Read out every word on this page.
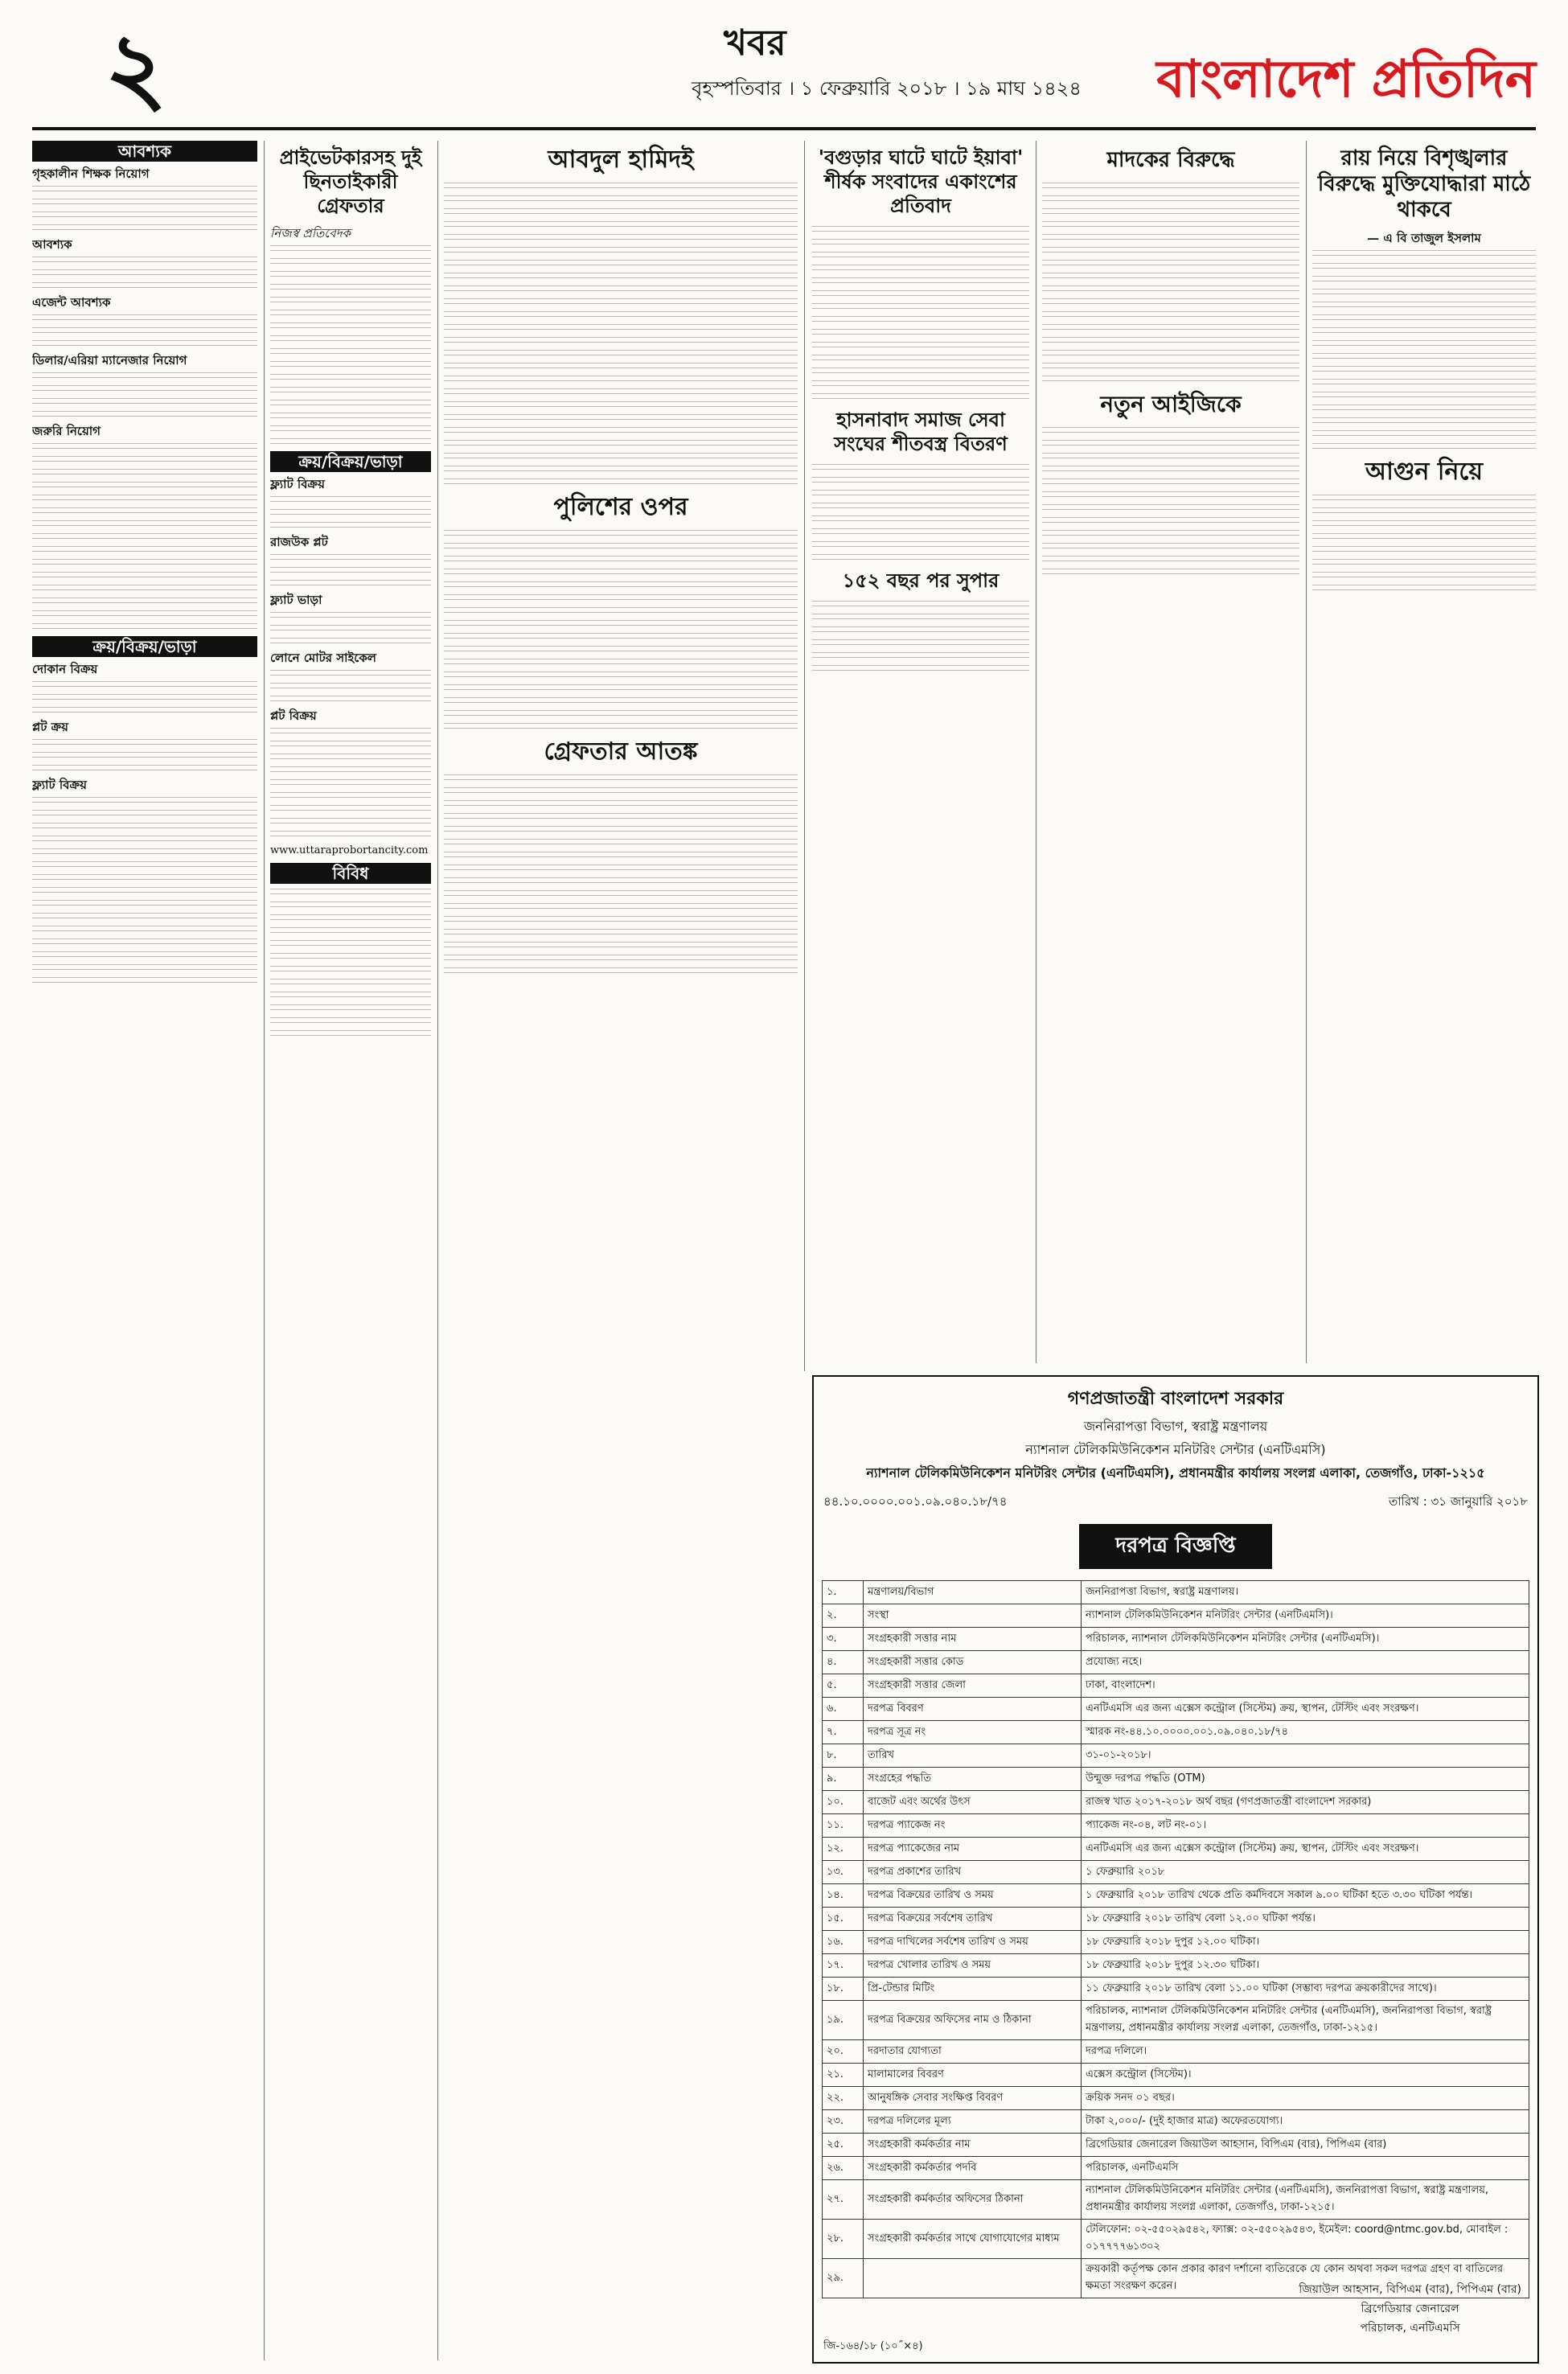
২	খবর
বৃহস্পতিবার । ১ ফেব্রুয়ারি ২০১৮ । ১৯ মাঘ ১৪২৪ বাংলাদেশ প্রতিদিন
আবশ্যক

গৃহকালীন শিক্ষক নিয়োগ

আবশ্যক

এজেন্ট আবশ্যক

ডিলার/এরিয়া ম্যানেজার নিয়োগ

জরুরি নিয়োগ

ক্রয়/বিক্রয়/ভাড়া

দোকান বিক্রয়

প্লট ক্রয়

ফ্ল্যাট বিক্রয়

প্রাইভেটকারসহ দুই ছিনতাইকারী গ্রেফতার
নিজস্ব প্রতিবেদক
ক্রয়/বিক্রয়/ভাড়া

ফ্ল্যাট বিক্রয়

রাজউক প্লট

ফ্ল্যাট ভাড়া

লোনে মোটর সাইকেল

প্লট বিক্রয়

www.uttaraprobortancity.com

বিবিধ
আবদুল হামিদই
পুলিশের ওপর
গ্রেফতার আতঙ্ক
'বগুড়ার ঘাটে ঘাটে ইয়াবা' শীর্ষক সংবাদের একাংশের প্রতিবাদ
হাসনাবাদ সমাজ সেবা সংঘের শীতবস্ত্র বিতরণ
১৫২ বছর পর সুপার
মাদকের বিরুদ্ধে
নতুন আইজিকে
রায় নিয়ে বিশৃঙ্খলার বিরুদ্ধে মুক্তিযোদ্ধারা মাঠে থাকবে
— এ বি তাজুল ইসলাম
আগুন নিয়ে
গণপ্রজাতন্ত্রী বাংলাদেশ সরকার
জননিরাপত্তা বিভাগ, স্বরাষ্ট্র মন্ত্রণালয়
ন্যাশনাল টেলিকমিউনিকেশন মনিটরিং সেন্টার (এনটিএমসি)
ন্যাশনাল টেলিকমিউনিকেশন মনিটরিং সেন্টার (এনটিএমসি), প্রধানমন্ত্রীর কার্যালয় সংলগ্ন এলাকা, তেজগাঁও, ঢাকা-১২১৫
৪৪.১০.০০০০.০০১.০৯.০৪০.১৮/৭৪	তারিখ : ৩১ জানুয়ারি ২০১৮
দরপত্র বিজ্ঞপ্তি
১.	মন্ত্রণালয়/বিভাগ	জননিরাপত্তা বিভাগ, স্বরাষ্ট্র মন্ত্রণালয়।
২.	সংস্থা	ন্যাশনাল টেলিকমিউনিকেশন মনিটরিং সেন্টার (এনটিএমসি)।
৩.	সংগ্রহকারী সত্তার নাম	পরিচালক, ন্যাশনাল টেলিকমিউনিকেশন মনিটরিং সেন্টার (এনটিএমসি)।
৪.	সংগ্রহকারী সত্তার কোড	প্রযোজ্য নহে।
৫.	সংগ্রহকারী সত্তার জেলা	ঢাকা, বাংলাদেশ।
৬.	দরপত্র বিবরণ	এনটিএমসি এর জন্য এক্সেস কন্ট্রোল (সিস্টেম) ক্রয়, স্থাপন, টেস্টিং এবং সংরক্ষণ।
৭.	দরপত্র সূত্র নং	স্মারক নং-৪৪.১০.০০০০.০০১.০৯.০৪০.১৮/৭৪
৮.	তারিখ	৩১-০১-২০১৮।
৯.	সংগ্রহের পদ্ধতি	উন্মুক্ত দরপত্র পদ্ধতি (OTM)
১০.	বাজেট এবং অর্থের উৎস	রাজস্ব খাত ২০১৭-২০১৮ অর্থ বছর (গণপ্রজাতন্ত্রী বাংলাদেশ সরকার)
১১.	দরপত্র প্যাকেজ নং	প্যাকেজ নং-০৪, লট নং-০১।
১২.	দরপত্র প্যাকেজের নাম	এনটিএমসি এর জন্য এক্সেস কন্ট্রোল (সিস্টেম) ক্রয়, স্থাপন, টেস্টিং এবং সংরক্ষণ।
১৩.	দরপত্র প্রকাশের তারিখ	১ ফেব্রুয়ারি ২০১৮
১৪.	দরপত্র বিক্রয়ের তারিখ ও সময়	১ ফেব্রুয়ারি ২০১৮ তারিখ থেকে প্রতি কর্মদিবসে সকাল ৯.০০ ঘটিকা হতে ৩.৩০ ঘটিকা পর্যন্ত।
১৫.	দরপত্র বিক্রয়ের সর্বশেষ তারিখ	১৮ ফেব্রুয়ারি ২০১৮ তারিখ বেলা ১২.০০ ঘটিকা পর্যন্ত।
১৬.	দরপত্র দাখিলের সর্বশেষ তারিখ ও সময়	১৮ ফেব্রুয়ারি ২০১৮ দুপুর ১২.০০ ঘটিকা।
১৭.	দরপত্র খোলার তারিখ ও সময়	১৮ ফেব্রুয়ারি ২০১৮ দুপুর ১২.৩০ ঘটিকা।
১৮.	প্রি-টেন্ডার মিটিং	১১ ফেব্রুয়ারি ২০১৮ তারিখ বেলা ১১.০০ ঘটিকা (সম্ভাব্য দরপত্র ক্রয়কারীদের সাথে)।
১৯.	দরপত্র বিক্রয়ের অফিসের নাম ও ঠিকানা	পরিচালক, ন্যাশনাল টেলিকমিউনিকেশন মনিটরিং সেন্টার (এনটিএমসি), জননিরাপত্তা বিভাগ, স্বরাষ্ট্র মন্ত্রণালয়, প্রধানমন্ত্রীর কার্যালয় সংলগ্ন এলাকা, তেজগাঁও, ঢাকা-১২১৫।
২০.	দরদাতার যোগ্যতা	দরপত্র দলিলে।
২১.	মালামালের বিবরণ	এক্সেস কন্ট্রোল (সিস্টেম)।
২২.	আনুষঙ্গিক সেবার সংক্ষিপ্ত বিবরণ	ক্রয়িক সনদ ০১ বছর।
২৩.	দরপত্র দলিলের মূল্য	টাকা ২,০০০/- (দুই হাজার মাত্র) অফেরতযোগ্য।
২৫.	সংগ্রহকারী কর্মকর্তার নাম	ব্রিগেডিয়ার জেনারেল জিয়াউল আহসান, বিপিএম (বার), পিপিএম (বার)
২৬.	সংগ্রহকারী কর্মকর্তার পদবি	পরিচালক, এনটিএমসি
২৭.	সংগ্রহকারী কর্মকর্তার অফিসের ঠিকানা	ন্যাশনাল টেলিকমিউনিকেশন মনিটরিং সেন্টার (এনটিএমসি), জননিরাপত্তা বিভাগ, স্বরাষ্ট্র মন্ত্রণালয়, প্রধানমন্ত্রীর কার্যালয় সংলগ্ন এলাকা, তেজগাঁও, ঢাকা-১২১৫।
২৮.	সংগ্রহকারী কর্মকর্তার সাথে যোগাযোগের মাধ্যম	টেলিফোন: ০২-৫৫০২৯৫৪২, ফ্যাক্স: ০২-৫৫০২৯৫৪৩, ইমেইল: coord@ntmc.gov.bd, মোবাইল : ০১৭৭৭৭৬১৩০২
২৯.		ক্রয়কারী কর্তৃপক্ষ কোন প্রকার কারণ দর্শানো ব্যতিরেকে যে কোন অথবা সকল দরপত্র গ্রহণ বা বাতিলের ক্ষমতা সংরক্ষণ করেন।	জিয়াউল আহসান, বিপিএম (বার), পিপিএম (বার)
ব্রিগেডিয়ার জেনারেল
পরিচালক, এনটিএমসি
জি-১৬৪/১৮ (১০˝×৪)
